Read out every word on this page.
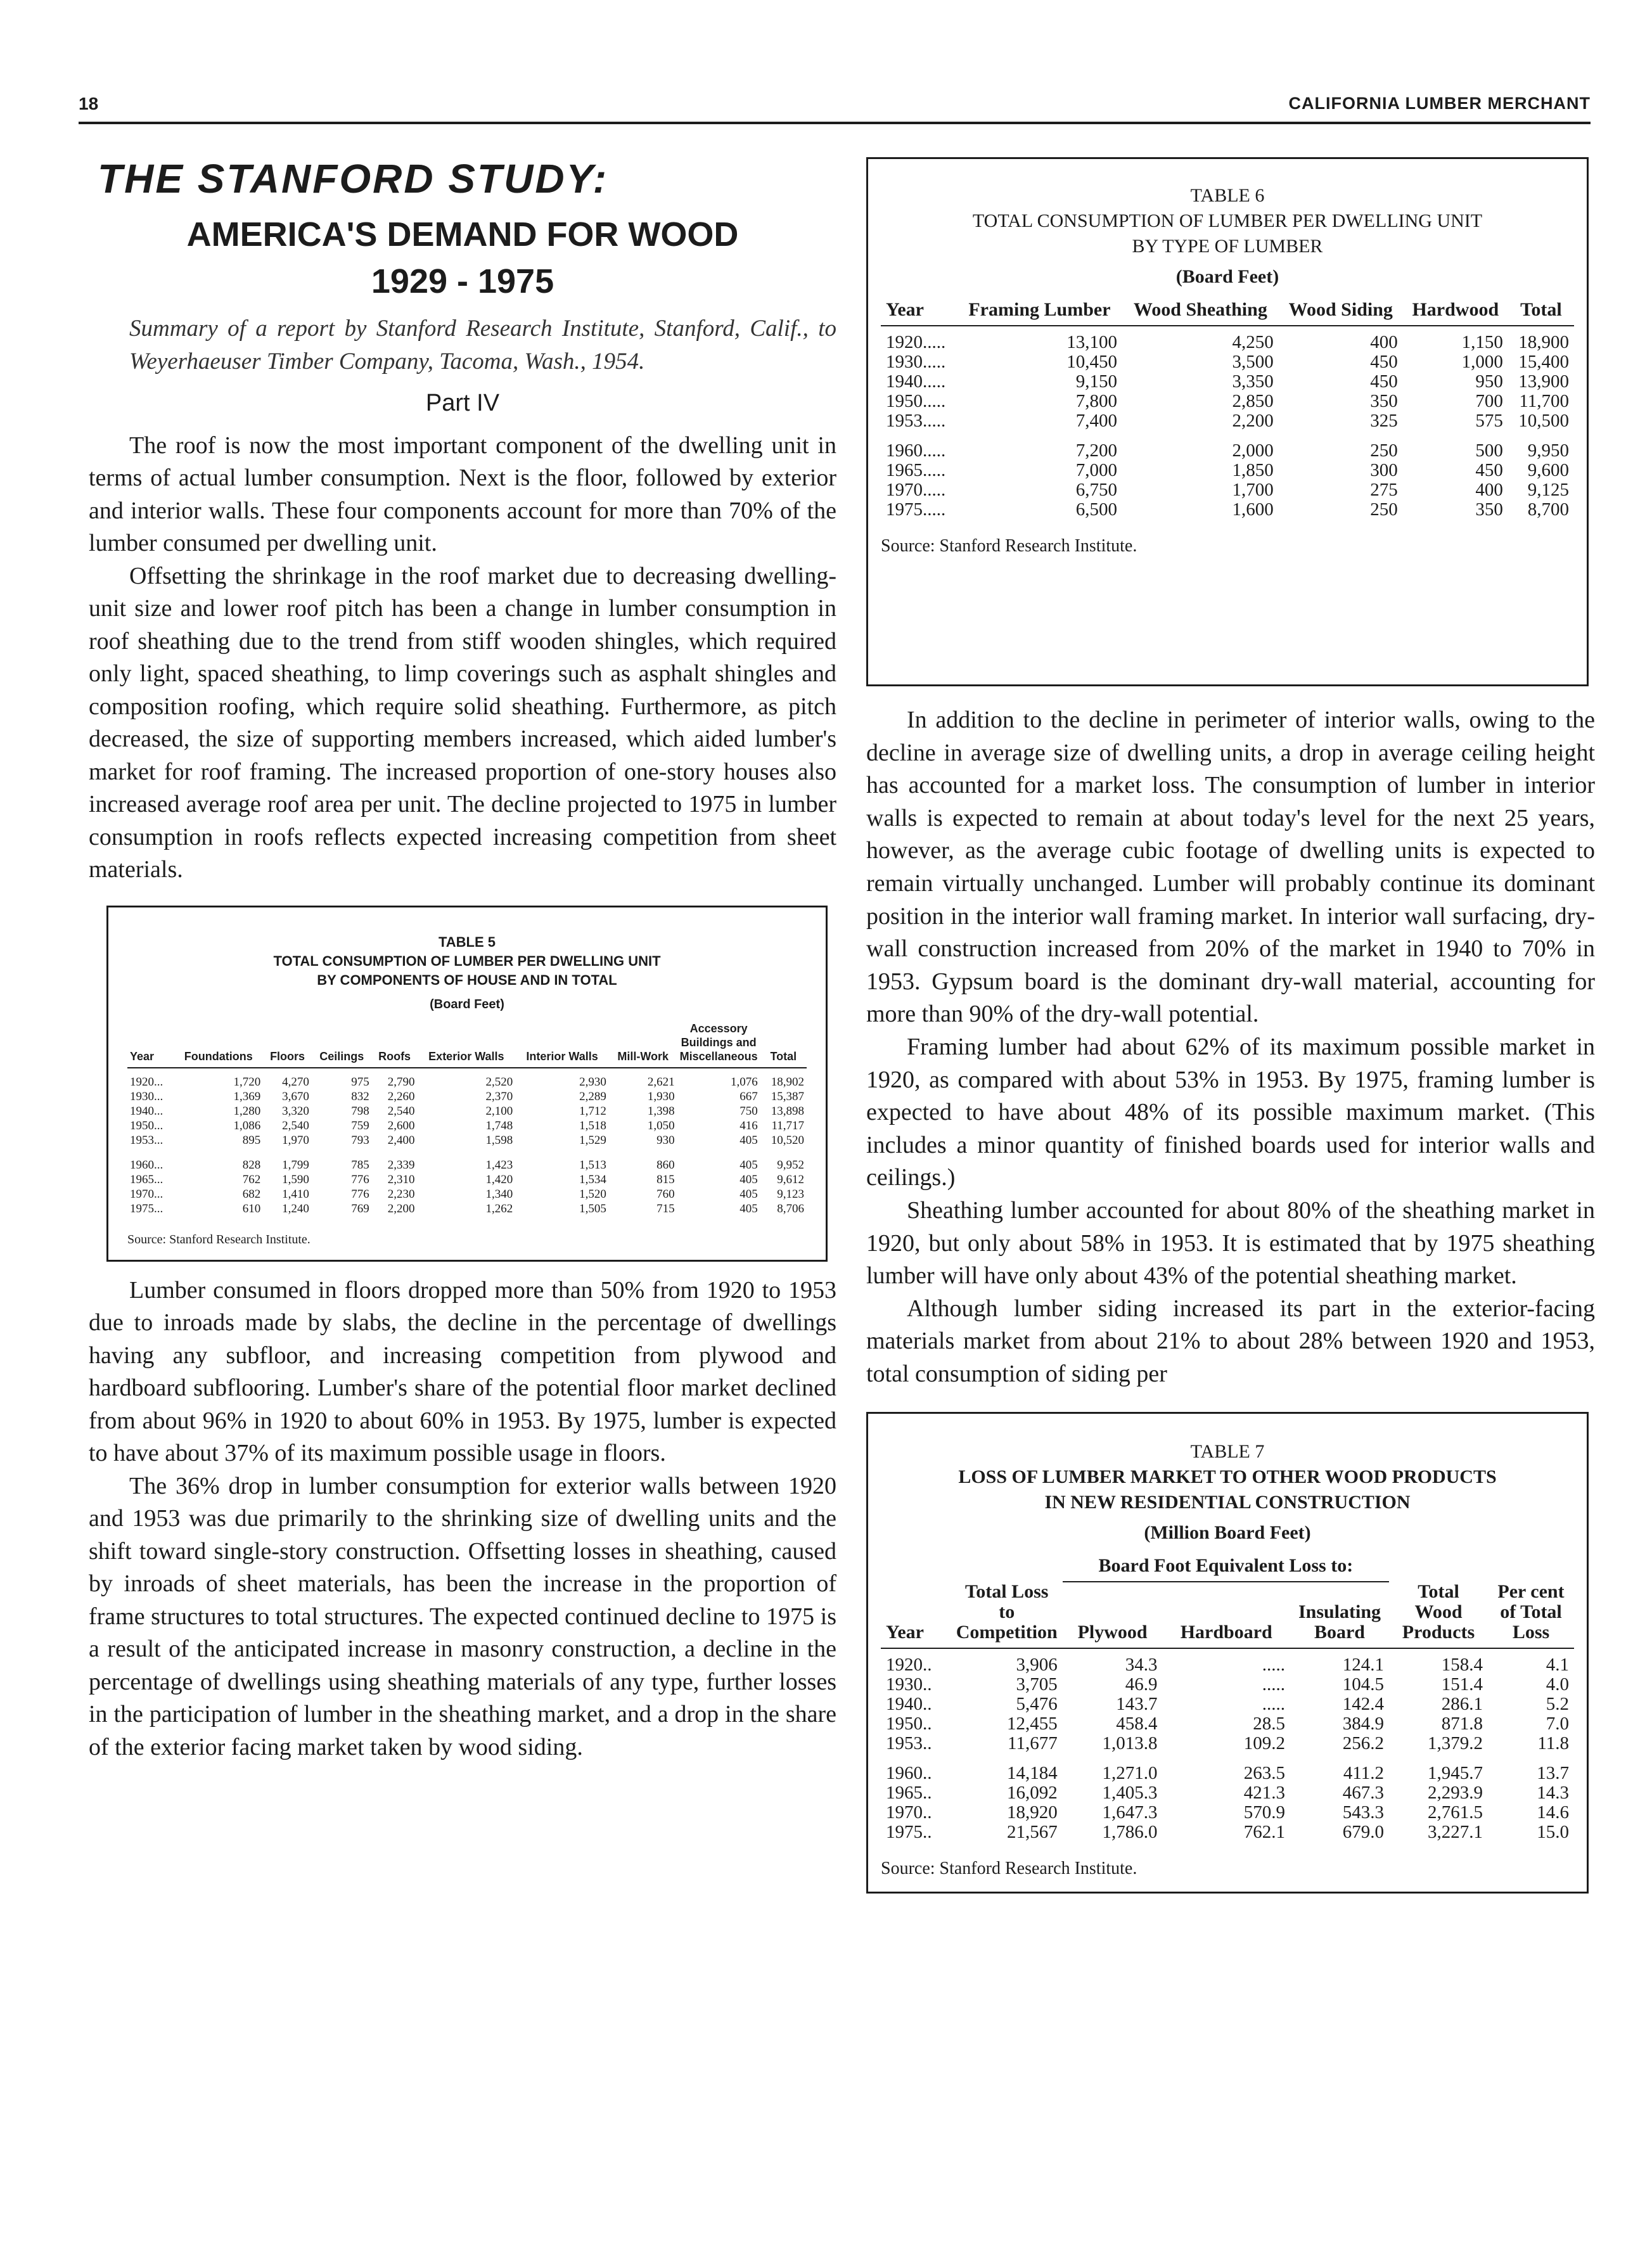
18	CALIFORNIA LUMBER MERCHANT
THE STANFORD STUDY:
AMERICA'S DEMAND FOR WOOD
1929 - 1975

Summary of a report by Stanford Research Institute, Stanford, Calif., to Weyerhaeuser Timber Company, Tacoma, Wash., 1954.

Part IV

The roof is now the most important component of the dwelling unit in terms of actual lumber consumption. Next is the floor, followed by exterior and interior walls. These four components account for more than 70% of the lumber consumed per dwelling unit.

Offsetting the shrinkage in the roof market due to decreasing dwelling-unit size and lower roof pitch has been a change in lumber consumption in roof sheathing due to the trend from stiff wooden shingles, which required only light, spaced sheathing, to limp coverings such as asphalt shingles and composition roofing, which require solid sheathing. Furthermore, as pitch decreased, the size of supporting members increased, which aided lumber's market for roof framing. The increased proportion of one-story houses also increased average roof area per unit. The decline projected to 1975 in lumber consumption in roofs reflects expected increasing competition from sheet materials.

TABLE 5
TOTAL CONSUMPTION OF LUMBER PER DWELLING UNIT
BY COMPONENTS OF HOUSE AND IN TOTAL
(Board Feet)
Year	Foundations	Floors	Ceilings	Roofs	Exterior Walls	Interior Walls	Mill-Work	Accessory Buildings and Miscellaneous	Total
1920...	1,720	4,270	975	2,790	2,520	2,930	2,621	1,076	18,902
1930...	1,369	3,670	832	2,260	2,370	2,289	1,930	667	15,387
1940...	1,280	3,320	798	2,540	2,100	1,712	1,398	750	13,898
1950...	1,086	2,540	759	2,600	1,748	1,518	1,050	416	11,717
1953...	895	1,970	793	2,400	1,598	1,529	930	405	10,520
1960...	828	1,799	785	2,339	1,423	1,513	860	405	9,952
1965...	762	1,590	776	2,310	1,420	1,534	815	405	9,612
1970...	682	1,410	776	2,230	1,340	1,520	760	405	9,123
1975...	610	1,240	769	2,200	1,262	1,505	715	405	8,706
Source: Stanford Research Institute.

Lumber consumed in floors dropped more than 50% from 1920 to 1953 due to inroads made by slabs, the decline in the percentage of dwellings having any subfloor, and increasing competition from plywood and hardboard subflooring. Lumber's share of the potential floor market declined from about 96% in 1920 to about 60% in 1953. By 1975, lumber is expected to have about 37% of its maximum possible usage in floors.

The 36% drop in lumber consumption for exterior walls between 1920 and 1953 was due primarily to the shrinking size of dwelling units and the shift toward single-story construction. Offsetting losses in sheathing, caused by inroads of sheet materials, has been the increase in the proportion of frame structures to total structures. The expected continued decline to 1975 is a result of the anticipated increase in masonry construction, a decline in the percentage of dwellings using sheathing materials of any type, further losses in the participation of lumber in the sheathing market, and a drop in the share of the exterior facing market taken by wood siding.

TABLE 6
TOTAL CONSUMPTION OF LUMBER PER DWELLING UNIT
BY TYPE OF LUMBER
(Board Feet)
Year	Framing Lumber	Wood Sheathing	Wood Siding	Hardwood	Total
1920.....	13,100	4,250	400	1,150	18,900
1930.....	10,450	3,500	450	1,000	15,400
1940.....	9,150	3,350	450	950	13,900
1950.....	7,800	2,850	350	700	11,700
1953.....	7,400	2,200	325	575	10,500
1960.....	7,200	2,000	250	500	9,950
1965.....	7,000	1,850	300	450	9,600
1970.....	6,750	1,700	275	400	9,125
1975.....	6,500	1,600	250	350	8,700
Source: Stanford Research Institute.

In addition to the decline in perimeter of interior walls, owing to the decline in average size of dwelling units, a drop in average ceiling height has accounted for a market loss. The consumption of lumber in interior walls is expected to remain at about today's level for the next 25 years, however, as the average cubic footage of dwelling units is expected to remain virtually unchanged. Lumber will probably continue its dominant position in the interior wall framing market. In interior wall surfacing, dry-wall construction increased from 20% of the market in 1940 to 70% in 1953. Gypsum board is the dominant dry-wall material, accounting for more than 90% of the dry-wall potential.

Framing lumber had about 62% of its maximum possible market in 1920, as compared with about 53% in 1953. By 1975, framing lumber is expected to have about 48% of its possible maximum market. (This includes a minor quantity of finished boards used for interior walls and ceilings.)

Sheathing lumber accounted for about 80% of the sheathing market in 1920, but only about 58% in 1953. It is estimated that by 1975 sheathing lumber will have only about 43% of the potential sheathing market.

Although lumber siding increased its part in the exterior-facing materials market from about 21% to about 28% between 1920 and 1953, total consumption of siding per

TABLE 7
LOSS OF LUMBER MARKET TO OTHER WOOD PRODUCTS
IN NEW RESIDENTIAL CONSTRUCTION
(Million Board Feet)
		Board Foot Equivalent Loss to:				
Year	Total Loss to Competition	Plywood	Hardboard	Insulating Board	Total Wood Products	Per cent of Total Loss
1920..	3,906	34.3	.....	124.1	158.4	4.1
1930..	3,705	46.9	.....	104.5	151.4	4.0
1940..	5,476	143.7	.....	142.4	286.1	5.2
1950..	12,455	458.4	28.5	384.9	871.8	7.0
1953..	11,677	1,013.8	109.2	256.2	1,379.2	11.8
1960..	14,184	1,271.0	263.5	411.2	1,945.7	13.7
1965..	16,092	1,405.3	421.3	467.3	2,293.9	14.3
1970..	18,920	1,647.3	570.9	543.3	2,761.5	14.6
1975..	21,567	1,786.0	762.1	679.0	3,227.1	15.0
Source: Stanford Research Institute.
